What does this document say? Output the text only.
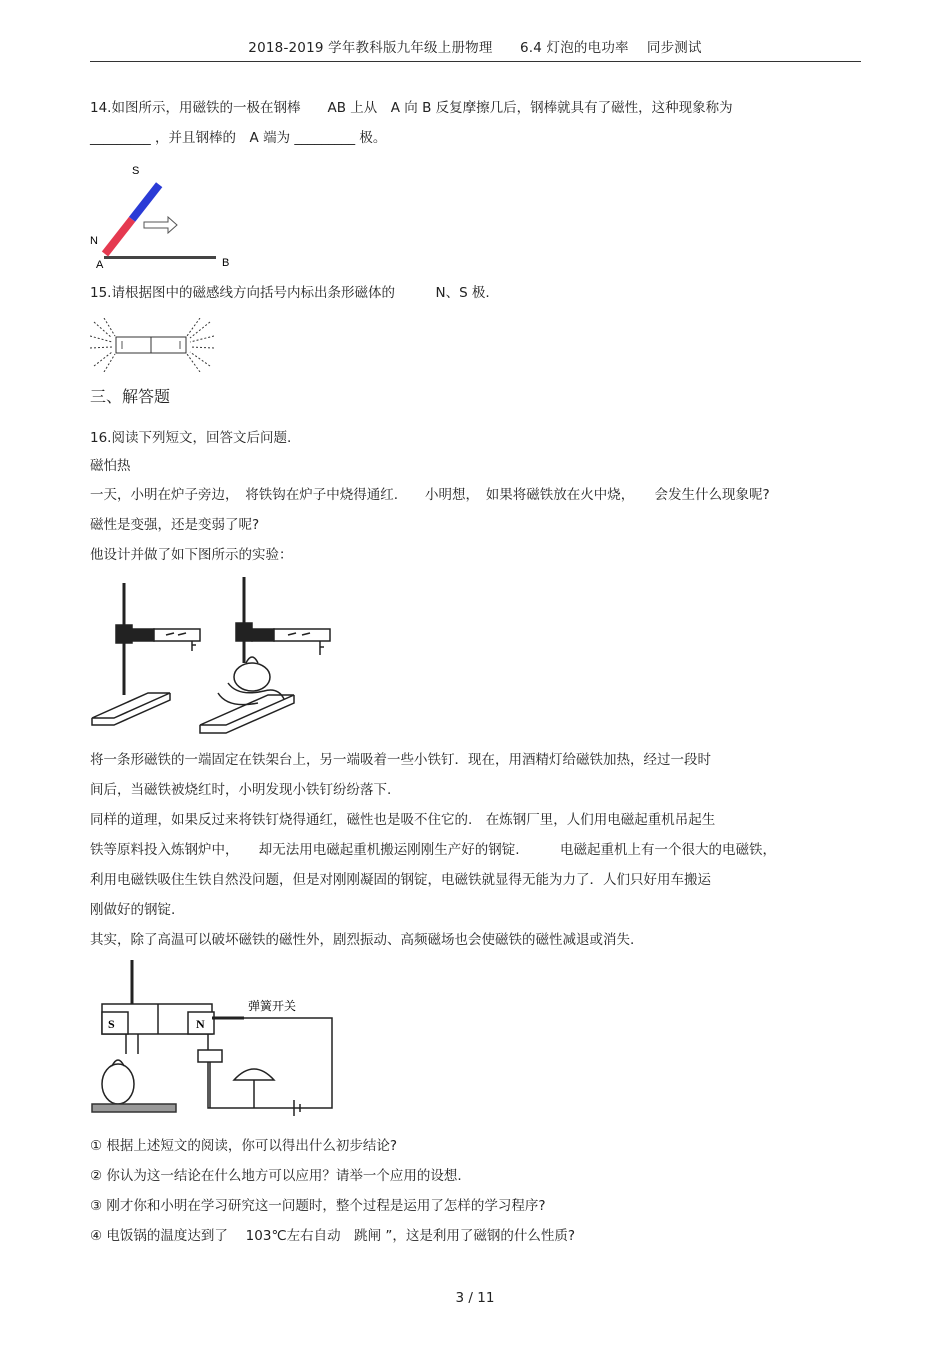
2018-2019 学年教科版九年级上册物理　　6.4 灯泡的电功率　 同步测试
14.如图所示，用磁铁的一极在钢棒　　AB 上从　A 向 B 反复摩擦几后，钢棒就具有了磁性，这种现象称为
_________ ，并且钢棒的　A 端为 _________ 极。
S
N
A	B
15.请根据图中的磁感线方向括号内标出条形磁体的　　　N、S 极.
三、解答题
16.阅读下列短文，回答文后问题.
磁怕热
一天，小明在炉子旁边，　将铁钩在炉子中烧得通红.　　小明想，　如果将磁铁放在火中烧，　　会发生什么现象呢?
磁性是变强，还是变弱了呢?
他设计并做了如下图所示的实验：
将一条形磁铁的一端固定在铁架台上，另一端吸着一些小铁钉．现在，用酒精灯给磁铁加热，经过一段时
间后，当磁铁被烧红时，小明发现小铁钉纷纷落下.
同样的道理，如果反过来将铁钉烧得通红，磁性也是吸不住它的.　在炼钢厂里，人们用电磁起重机吊起生
铁等原料投入炼钢炉中，　　却无法用电磁起重机搬运刚刚生产好的钢锭.　　　电磁起重机上有一个很大的电磁铁，
利用电磁铁吸住生铁自然没问题，但是对刚刚凝固的钢锭，电磁铁就显得无能为力了．人们只好用车搬运
刚做好的钢锭.
其实，除了高温可以破坏磁铁的磁性外，剧烈振动、高频磁场也会使磁铁的磁性减退或消失.
S	N
弹簧开关
① 根据上述短文的阅读，你可以得出什么初步结论?
② 你认为这一结论在什么地方可以应用？请举一个应用的设想.
③ 刚才你和小明在学习研究这一问题时，整个过程是运用了怎样的学习程序?
④ 电饭锅的温度达到了　 103℃左右自动　跳闸 ”，这是利用了磁钢的什么性质?
3 / 11
